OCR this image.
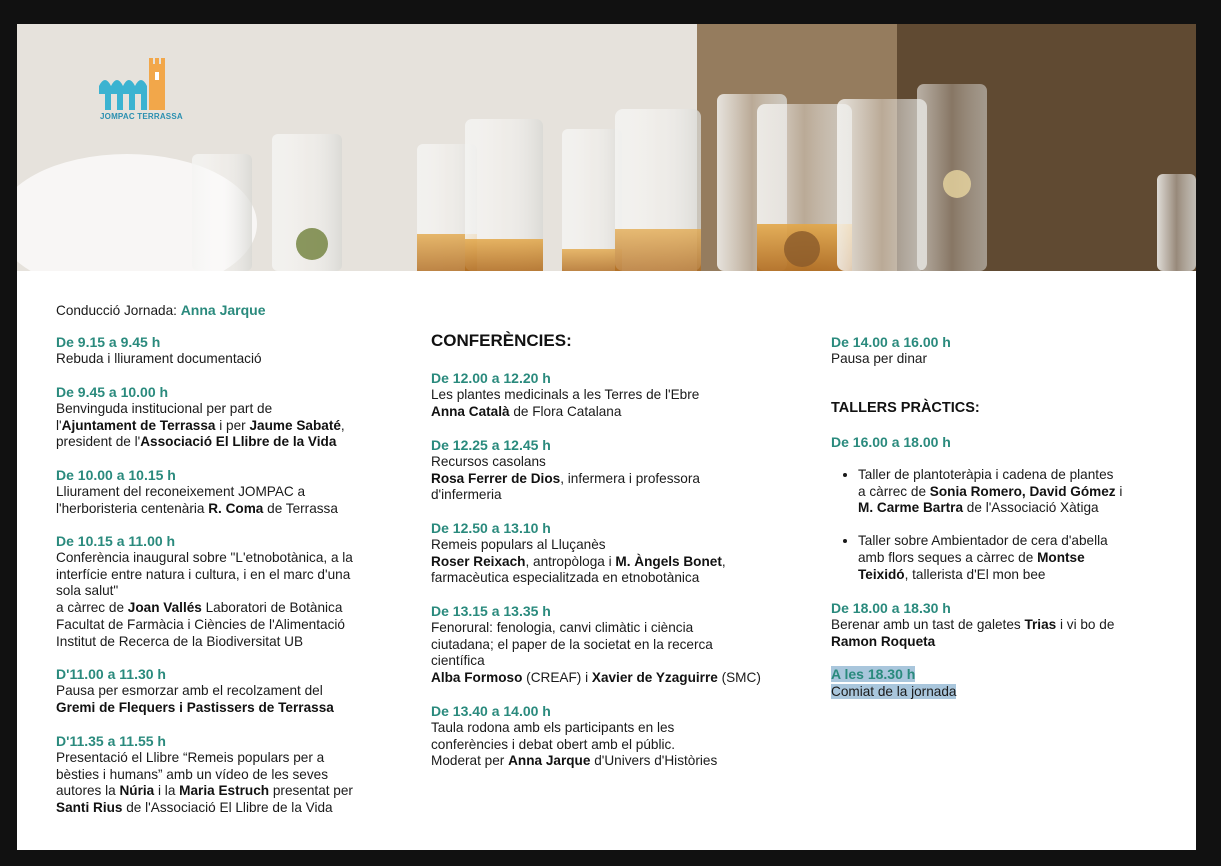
JOMPAC TERRASSA
Conducció Jornada: Anna Jarque
De 9.15 a 9.45 h
Rebuda i lliurament documentació
De 9.45 a 10.00 h
Benvinguda institucional per part de
l'Ajuntament de Terrassa i per Jaume Sabaté,
president de l'Associació El Llibre de la Vida
De 10.00 a 10.15 h
Lliurament del reconeixement JOMPAC a
l'herboristeria centenària R. Coma de Terrassa
De 10.15 a 11.00 h
Conferència inaugural sobre "L'etnobotànica, a la
interfície entre natura i cultura, i en el marc d'una
sola salut"
a càrrec de Joan Vallés Laboratori de Botànica
Facultat de Farmàcia i Ciències de l'Alimentació
Institut de Recerca de la Biodiversitat UB
D'11.00 a 11.30 h
Pausa per esmorzar amb el recolzament del
Gremi de Flequers i Pastissers de Terrassa
D'11.35 a 11.55 h
Presentació el Llibre “Remeis populars per a
bèsties i humans” amb un vídeo de les seves
autores la Núria i la Maria Estruch presentat per
Santi Rius de l'Associació El Llibre de la Vida
CONFERÈNCIES:
De 12.00 a 12.20 h
Les plantes medicinals a les Terres de l'Ebre
Anna Català de Flora Catalana
De 12.25 a 12.45 h
Recursos casolans
Rosa Ferrer de Dios, infermera i professora
d'infermeria
De 12.50 a 13.10 h
Remeis populars al Lluçanès
Roser Reixach, antropòloga i M. Àngels Bonet,
farmacèutica especialitzada en etnobotànica
De 13.15 a 13.35 h
Fenorural: fenologia, canvi climàtic i ciència
ciutadana; el paper de la societat en la recerca
científica
Alba Formoso (CREAF) i Xavier de Yzaguirre (SMC)
De 13.40 a 14.00 h
Taula rodona amb els participants en les
conferències i debat obert amb el públic.
Moderat per Anna Jarque d'Univers d'Històries
De 14.00 a 16.00 h
Pausa per dinar
TALLERS PRÀCTICS:
De 16.00 a 18.00 h
• Taller de plantoteràpia i cadena de plantes
a càrrec de Sonia Romero, David Gómez i
M. Carme Bartra de l'Associació Xàtiga
• Taller sobre Ambientador de cera d'abella
amb flors seques a càrrec de Montse
Teixidó, tallerista d'El mon bee
De 18.00 a 18.30 h
Berenar amb un tast de galetes Trias i vi bo de
Ramon Roqueta
A les 18.30 h
Comiat de la jornada
